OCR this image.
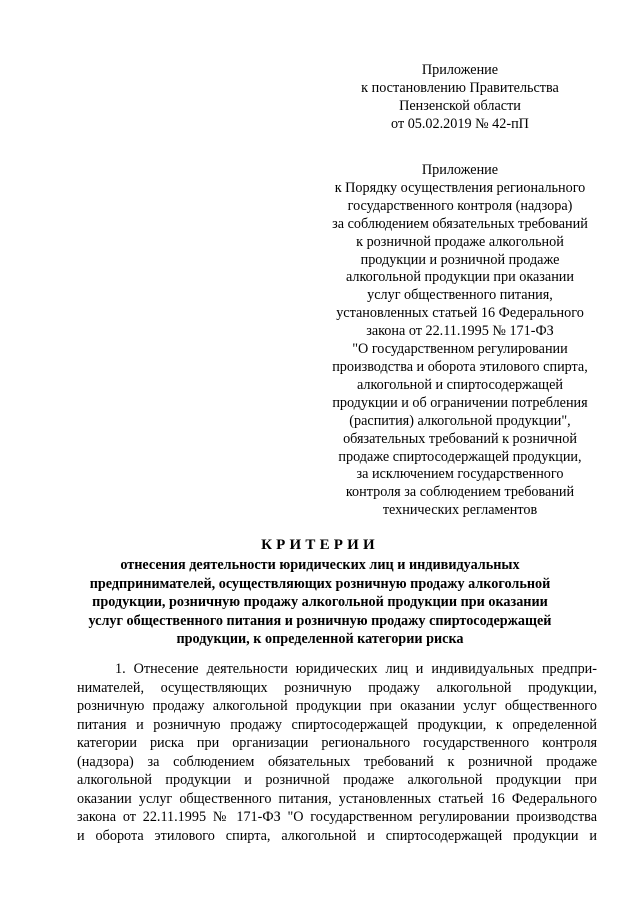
Приложение
к постановлению Правительства
Пензенской области
от 05.02.2019 № 42-пП
Приложение
к Порядку осуществления регионального
государственного контроля (надзора)
за соблюдением обязательных требований
к розничной продаже алкогольной
продукции и розничной продаже
алкогольной продукции при оказании
услуг общественного питания,
установленных статьей 16 Федерального
закона от 22.11.1995 № 171-ФЗ
"О государственном регулировании
производства и оборота этилового спирта,
алкогольной и спиртосодержащей
продукции и об ограничении потребления
(распития) алкогольной продукции",
обязательных требований к розничной
продаже спиртосодержащей продукции,
за исключением государственного
контроля за соблюдением требований
технических регламентов
КРИТЕРИИ
отнесения деятельности юридических лиц и индивидуальных
предпринимателей, осуществляющих розничную продажу алкогольной
продукции, розничную продажу алкогольной продукции при оказании
услуг общественного питания и розничную продажу спиртосодержащей
продукции, к определенной категории риска
1. Отнесение деятельности юридических лиц и индивидуальных предпри-
нимателей, осуществляющих розничную продажу алкогольной продукции,
розничную продажу алкогольной продукции при оказании услуг общественного
питания и розничную продажу спиртосодержащей продукции, к определенной
категории риска при организации регионального государственного контроля
(надзора) за соблюдением обязательных требований к розничной продаже
алкогольной продукции и розничной продаже алкогольной продукции при
оказании услуг общественного питания, установленных статьей 16 Федерального
закона от 22.11.1995 № 171-ФЗ "О государственном регулировании производства
и оборота этилового спирта, алкогольной и спиртосодержащей продукции и
